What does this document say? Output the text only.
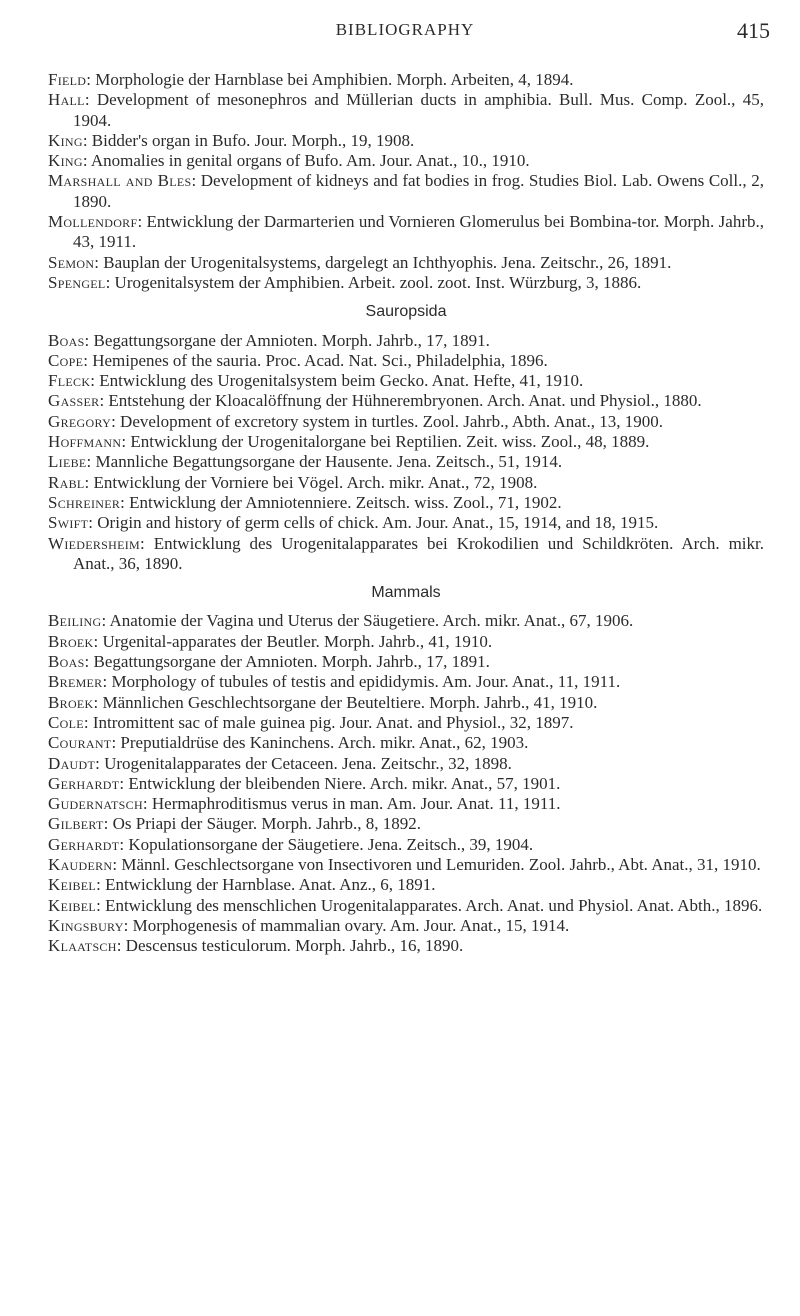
BIBLIOGRAPHY	415
Field: Morphologie der Harnblase bei Amphibien. Morph. Arbeiten, 4, 1894.
Hall: Development of mesonephros and Müllerian ducts in amphibia. Bull. Mus. Comp. Zool., 45, 1904.
King: Bidder's organ in Bufo. Jour. Morph., 19, 1908.
King: Anomalies in genital organs of Bufo. Am. Jour. Anat., 10., 1910.
Marshall and Bles: Development of kidneys and fat bodies in frog. Studies Biol. Lab. Owens Coll., 2, 1890.
Mollendorf: Entwicklung der Darmarterien und Vornieren Glomerulus bei Bombina-tor. Morph. Jahrb., 43, 1911.
Semon: Bauplan der Urogenitalsystems, dargelegt an Ichthyophis. Jena. Zeitschr., 26, 1891.
Spengel: Urogenitalsystem der Amphibien. Arbeit. zool. zoot. Inst. Würzburg, 3, 1886.
Sauropsida
Boas: Begattungsorgane der Amnioten. Morph. Jahrb., 17, 1891.
Cope: Hemipenes of the sauria. Proc. Acad. Nat. Sci., Philadelphia, 1896.
Fleck: Entwicklung des Urogenitalsystem beim Gecko. Anat. Hefte, 41, 1910.
Gasser: Entstehung der Kloacalöffnung der Hühnerembryonen. Arch. Anat. und Physiol., 1880.
Gregory: Development of excretory system in turtles. Zool. Jahrb., Abth. Anat., 13, 1900.
Hoffmann: Entwicklung der Urogenitalorgane bei Reptilien. Zeit. wiss. Zool., 48, 1889.
Liebe: Mannliche Begattungsorgane der Hausente. Jena. Zeitsch., 51, 1914.
Rabl: Entwicklung der Vorniere bei Vögel. Arch. mikr. Anat., 72, 1908.
Schreiner: Entwicklung der Amniotenniere. Zeitsch. wiss. Zool., 71, 1902.
Swift: Origin and history of germ cells of chick. Am. Jour. Anat., 15, 1914, and 18, 1915.
Wiedersheim: Entwicklung des Urogenitalapparates bei Krokodilien und Schildkröten. Arch. mikr. Anat., 36, 1890.
Mammals
Beiling: Anatomie der Vagina und Uterus der Säugetiere. Arch. mikr. Anat., 67, 1906.
Broek: Urgenital-apparates der Beutler. Morph. Jahrb., 41, 1910.
Boas: Begattungsorgane der Amnioten. Morph. Jahrb., 17, 1891.
Bremer: Morphology of tubules of testis and epididymis. Am. Jour. Anat., 11, 1911.
Broek: Männlichen Geschlechtsorgane der Beuteltiere. Morph. Jahrb., 41, 1910.
Cole: Intromittent sac of male guinea pig. Jour. Anat. and Physiol., 32, 1897.
Courant: Preputialdrüse des Kaninchens. Arch. mikr. Anat., 62, 1903.
Daudt: Urogenitalapparates der Cetaceen. Jena. Zeitschr., 32, 1898.
Gerhardt: Entwicklung der bleibenden Niere. Arch. mikr. Anat., 57, 1901.
Gudernatsch: Hermaphroditismus verus in man. Am. Jour. Anat. 11, 1911.
Gilbert: Os Priapi der Säuger. Morph. Jahrb., 8, 1892.
Gerhardt: Kopulationsorgane der Säugetiere. Jena. Zeitsch., 39, 1904.
Kaudern: Männl. Geschlectsorgane von Insectivoren und Lemuriden. Zool. Jahrb., Abt. Anat., 31, 1910.
Keibel: Entwicklung der Harnblase. Anat. Anz., 6, 1891.
Keibel: Entwicklung des menschlichen Urogenitalapparates. Arch. Anat. und Physiol. Anat. Abth., 1896.
Kingsbury: Morphogenesis of mammalian ovary. Am. Jour. Anat., 15, 1914.
Klaatsch: Descensus testiculorum. Morph. Jahrb., 16, 1890.
